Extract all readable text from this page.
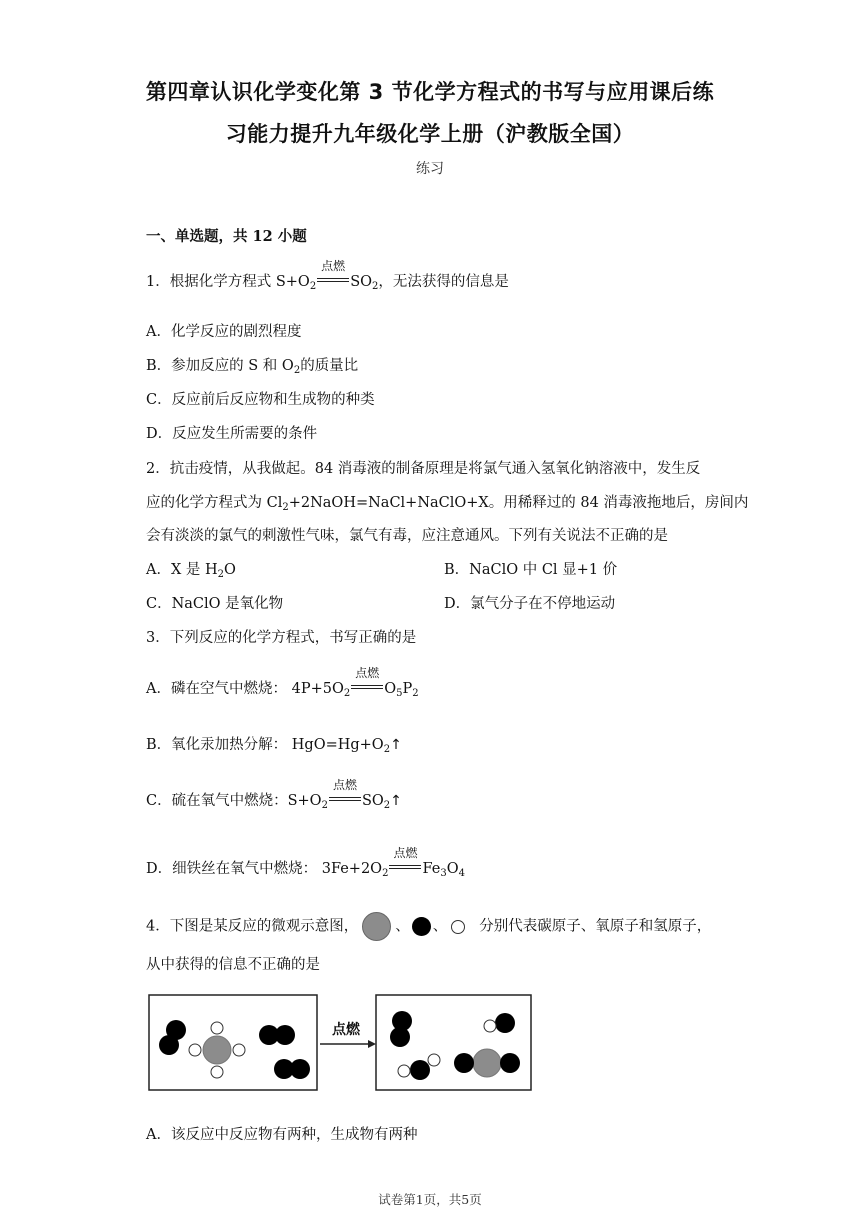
第四章认识化学变化第 3 节化学方程式的书写与应用课后练
习能力提升九年级化学上册（沪教版全国）
练习
一、单选题，共 12 小题
1．根据化学方程式 $S+O_2$
点燃
$SO_2$，无法获得的信息是
A．化学反应的剧烈程度
B．参加反应的 S 和 $O_2$的质量比
C．反应前后反应物和生成物的种类
D．反应发生所需要的条件
2．抗击疫情，从我做起。84 消毒液的制备原理是将氯气通入氢氧化钠溶液中，发生反
应的化学方程式为 $Cl_2+2NaOH=NaCl+NaClO+X$。用稀释过的 84 消毒液拖地后，房间内
会有淡淡的氯气的刺激性气味，氯气有毒，应注意通风。下列有关说法不正确的是
A．X 是 $H_2O$	B．NaClO 中 Cl 显+1 价
C．NaClO 是氧化物	D．氯气分子在不停地运动
3．下列反应的化学方程式，书写正确的是
A．磷在空气中燃烧： $4P+5O_2$
点燃
$O_5P_2$
B．氧化汞加热分解： $HgO=Hg+O_2↑$
C．硫在氧气中燃烧：$S+O_2$
点燃
$SO_2↑$
D．细铁丝在氧气中燃烧： $3Fe+2O_2$
点燃
$Fe_3O_4$
4．下图是某反应的微观示意图，	、 、 分别代表碳原子、氧原子和氢原子，
从中获得的信息不正确的是
点燃
A．该反应中反应物有两种，生成物有两种
试卷第1页，共5页
